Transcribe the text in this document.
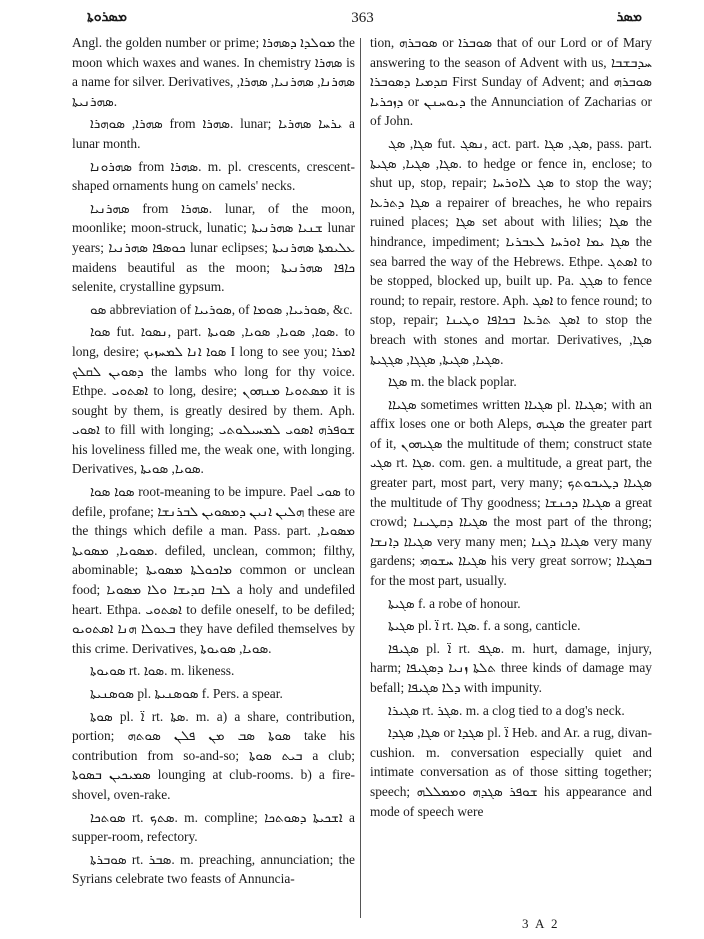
ܡܣܪܘܬܐ	363	ܡܣܪ

Angl. the golden number or prime; ܡܘܠܕܐ ܕܣܗܪܐ the moon which waxes and wanes. In chemistry ܣܗܪܐ is a name for silver. Derivatives, ܣܗܪܢܐ, ܣܗܪܢܝܐ, ܣܗܪܐ, ܣܗܪܢܝܬܐ.

ܣܗܪܐ, ܣܘܗܪܐ from ܣܗܪܐ. lunar; ܝܪܚܐ ܣܗܪܝܐ a lunar month.

ܣܗܪܘܢܐ from ܣܗܪܐ. m. pl. crescents, crescent-shaped ornaments hung on camels' necks.

ܣܗܪܢܝܐ from ܣܗܪܐ. lunar, of the moon, moonlike; moon-struck, lunatic; ܫܢܝܐ ܣܗܪܢܝܬܐ lunar years; ܟܘܣܦܐ ܣܗܪܢܝܐ lunar eclipses; ܥܠܝܡܬܐ ܣܗܪܢܝܬܐ maidens beautiful as the moon; ܟܐܦܐ ܣܗܪܢܝܬܐ selenite, crystalline gypsum.

ܣܘ abbreviation of ܣܘܪܝܝܐ, of ܣܘܪܝܝܐ, ܣܘܡܐ, &c.

ܣܘܐ fut. ܢܣܘܐ, part. ܣܘܐ, ܣܘܝܐ, ܣܘܝܐ, ܣܘܝܬܐ. to long, desire; ܣܘܐ ܐܢܐ ܠܡܚܙܝܟ I long to see you; ܐܡܪܐ ܕܣܘܝܢ ܠܩܠܟ the lambs who long for thy voice. Ethpe. ܐܣܬܘܝ to long, desire; ܡܣܬܘܝܐ ܡܢܗܘܢ it is sought by them, is greatly desired by them. Aph. ܐܣܘܝ to fill with longing; ܫܘܦܪܗ ܐܣܘܝ ܠܡܚܝܠܘܬܝ his loveliness filled me, the weak one, with longing. Derivatives, ܣܘܝܐ, ܣܘܝܬܐ.

ܣܘܐ ܣܘܐ root-meaning to be impure. Pael ܣܘܝ to defile, profane; ܗܠܝܢ ܐܢܝܢ ܕܡܣܘܝܢ ܠܒܪܢܫܐ these are the things which defile a man. Pass. part. ܡܣܘܝܐ, ܡܣܘܝܐ, ܡܣܘܝܬܐ. defiled, unclean, common; filthy, abominable; ܡܐܟܘܠܬܐ ܡܣܘܝܬܐ common or unclean food; ܠܒܐ ܩܕܝܫܐ ܘܠܐ ܡܣܘܝܐ a holy and undefiled heart. Ethpa. ܐܣܬܘܝ to defile oneself, to be defiled; ܒܥܘܠܐ ܗܢܐ ܐܣܬܘܝܘ they have defiled themselves by this crime. Derivatives, ܣܘܝܐ, ܣܘܝܘܬܐ.

ܣܘܝܘܬܐ rt. ܣܘܐ. m. likeness.

ܣܘܣܢܝܬܐ pl. ܣܘܣܢܝܬܐ f. Pers. a spear.

ܣܘܬܐ pl. ܐ̈ rt. ܣܬܐ. m. a) a share, contribution, portion; ܣܘܬܐ ܣܒ ܡܢ ܦܠܢ ܣܘܬܗ take his contribution from so-and-so; ܒܝܬ ܣܘܬܐ a club; ܣܡܝܟܝܢ ܒܣܘܬܐ lounging at club-rooms. b) a fire-shovel, oven-rake.

ܣܘܬܟܐ rt. ܣܬܟ. m. compline; ܐܫܟܝܬܐ ܕܣܘܬܟܐ a supper-room, refectory.

ܣܘܒܪܬܐ rt. ܣܒܪ. m. preaching, annunciation; the Syrians celebrate two feasts of Annuncia-

tion, ܣܘܒܪܗ or ܣܘܒܪܐ that of our Lord or of Mary answering to the season of Advent with us, ܚܕܒܫܒܐ ܩܕܡܝܐ ܕܣܘܒܪܐ First Sunday of Advent; and ܣܘܒܪܗ ܕܙܟܪܝܐ or ܕܝܘܚܢܢ the Annunciation of Zacharias or of John.

ܣܓܐ, ܣܓ fut. ܢܣܓ, act. part. ܣܓ, ܣܓܐ, pass. part. ܣܓܐ, ܣܓܝܐ, ܣܓܝܬܐ. to hedge or fence in, enclose; to shut up, stop, repair; ܣܓ ܠܐܘܪܚܐ to stop the way; ܣܓܐ ܕܬܪܥܐ a repairer of breaches, he who repairs ruined places; ܣܓܐ set about with lilies; ܣܓܐ the hindrance, impediment; ܣܓܐ ܝܡܐ ܐܘܪܚܐ ܠܥܒܪܝܐ the sea barred the way of the Hebrews. Ethpe. ܐܣܬܓ to be stopped, blocked up, built up. Pa. ܣܓܓ to fence round; to repair, restore. Aph. ܐܣܓ to fence round; to stop, repair; ܐܣܓ ܬܪܥܐ ܒܟܐܦܐ ܘܛܝܢܐ to stop the breach with stones and mortar. Derivatives, ܣܓܐ, ܣܓܝܐ, ܣܓܝܬܐ, ܣܓܓܐ, ܣܓܓܝܬܐ.

ܣܓܐ m. the black poplar.

ܣܓܝܐܐ sometimes written ܣܓܝܐܐ pl. ܣܓܝܐܐ; with an affix loses one or both Aleps, ܣܓܝܗ the greater part of it, ܣܓܝܗܘܢ the multitude of them; construct state ܣܓܝ rt. ܣܓܐ. com. gen. a multitude, a great part, the greater part, most part, very many; ܣܓܝܐܐ ܕܛܝܒܘܬܟ the multitude of Thy goodness; ܣܓܝܐܐ ܕܟܢܫܐ a great crowd; ܣܓܝܐܐ ܕܩܛܝܢܐ the most part of the throng; ܣܓܝܐܐ ܕܐܢܫܐ very many men; ܣܓܝܐܐ ܕܓܢܐ very many gardens; ܣܓܝܐܐ ܚܫܘܗܝ his very great sorrow; ܒܣܓܝܐܐ for the most part, usually.

ܣܓܝܬܐ f. a robe of honour.

ܣܓܝܬܐ pl. ܐ̈ rt. ܣܓܐ. f. a song, canticle.

ܣܓܝܦܐ pl. ܐ̈ rt. ܣܓܦ. m. hurt, damage, injury, harm; ܬܠܬܐ ܙܢܝܐ ܕܣܓܝܦܐ three kinds of damage may befall; ܕܠܐ ܣܓܝܦܐ with impunity.

ܣܓܝܪܐ rt. ܣܓܪ. m. a clog tied to a dog's neck.

ܣܓܐ, ܣܓܕܐ or ܣܓܕܐ pl. ܐ̈ Heb. and Ar. a rug, divan-cushion. m. conversation especially quiet and intimate conversation as of those sitting together; speech; ܫܘܦܪ ܣܓܕܗ ܘܡܡܠܠܗ his appearance and mode of speech were

3 A 2
